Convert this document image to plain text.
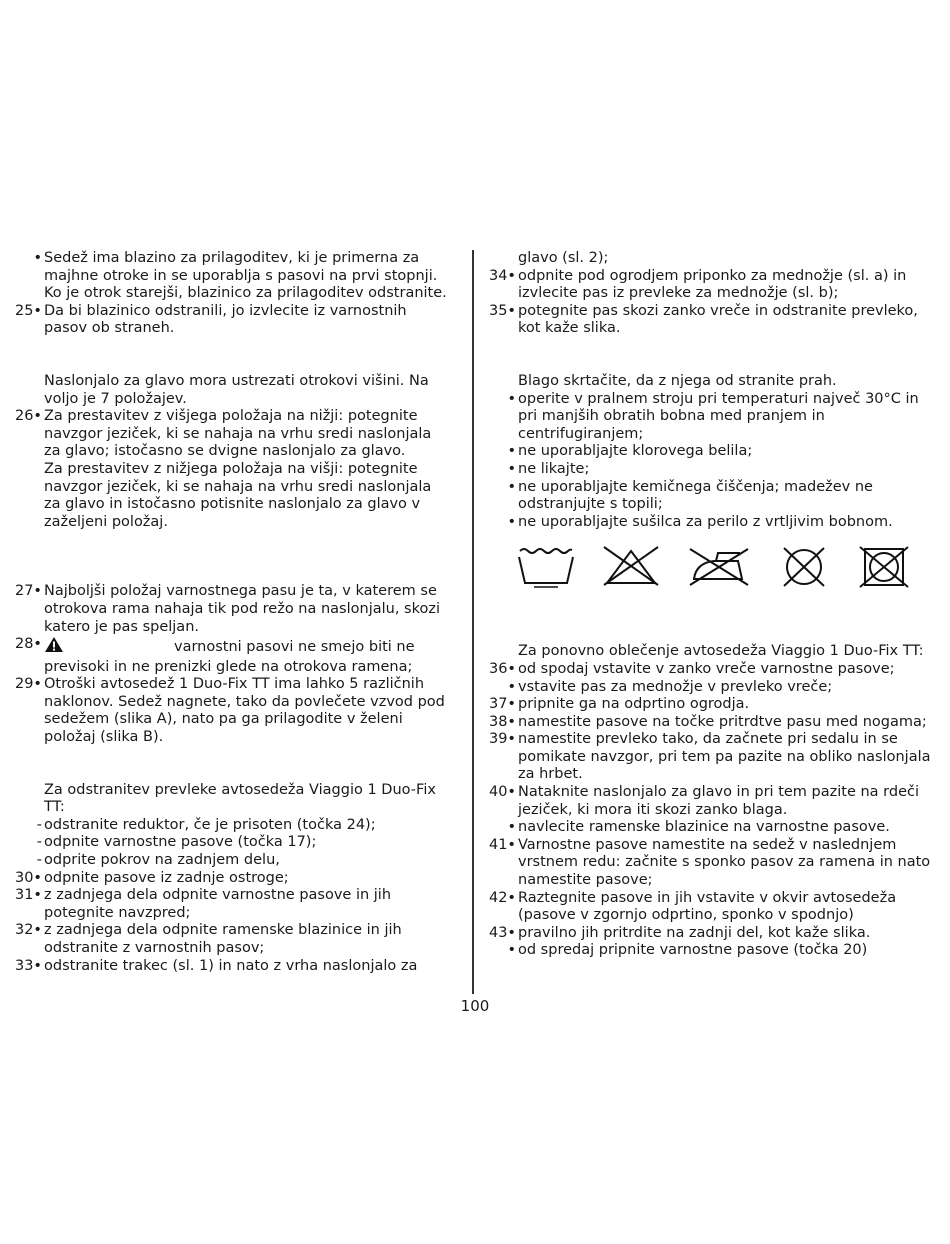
• Sedež ima blazino za prilagoditev, ki je primerna za majhne otroke in se uporablja s pasovi na prvi stopnji. Ko je otrok starejši, blazinico za prilagoditev odstranite.
25• Da bi blazinico odstranili, jo izvlecite iz varnostnih pasov ob straneh.
Naslonjalo za glavo mora ustrezati otrokovi višini. Na voljo je 7 položajev.
26• Za prestavitev z višjega položaja na nižji: potegnite navzgor jeziček, ki se nahaja na vrhu sredi naslonjala za glavo; istočasno se dvigne naslonjalo za glavo.
Za prestavitev z nižjega položaja na višji: potegnite navzgor jeziček, ki se nahaja na vrhu sredi naslonjala za glavo in istočasno potisnite naslonjalo za glavo v zaželjeni položaj.
27• Najboljši položaj varnostnega pasu je ta, v katerem se otrokova rama nahaja tik pod režo na naslonjalu, skozi katero je pas speljan.
28•	varnostni pasovi ne smejo biti ne previsoki in ne prenizki glede na otrokova ramena;
29• Otroški avtosedež 1 Duo-Fix TT ima lahko 5 različnih naklonov. Sedež nagnete, tako da povlečete vzvod pod sedežem (slika A), nato pa ga prilagodite v želeni položaj (slika B).
Za odstranitev prevleke avtosedeža Viaggio 1 Duo-Fix TT:
- odstranite reduktor, če je prisoten (točka 24);
- odpnite varnostne pasove (točka 17);
- odprite pokrov na zadnjem delu,
30• odpnite pasove iz zadnje ostroge;
31• z zadnjega dela odpnite varnostne pasove in jih potegnite navzpred;
32• z zadnjega dela odpnite ramenske blazinice in jih odstranite z varnostnih pasov;
33• odstranite trakec (sl. 1) in nato z vrha naslonjalo za
glavo (sl. 2);
34• odpnite pod ogrodjem priponko za mednožje (sl. a) in izvlecite pas iz prevleke za mednožje (sl. b);
35• potegnite pas skozi zanko vreče in odstranite prevleko, kot kaže slika.
Blago skrtačite, da z njega od stranite prah.
• operite v pralnem stroju pri temperaturi največ 30°C in pri manjših obratih bobna med pranjem in centrifugiranjem;
• ne uporabljajte klorovega belila;
• ne likajte;
• ne uporabljajte kemičnega čiščenja; madežev ne odstranjujte s topili;
• ne uporabljajte sušilca za perilo z vrtljivim bobnom.
Za ponovno oblečenje avtosedeža Viaggio 1 Duo-Fix TT:
36• od spodaj vstavite v zanko vreče varnostne pasove;
• vstavite pas za mednožje v prevleko vreče;
37• pripnite ga na odprtino ogrodja.
38• namestite pasove na točke pritrdtve pasu med nogama;
39• namestite prevleko tako, da začnete pri sedalu in se pomikate navzgor, pri tem pa pazite na obliko naslonjala za hrbet.
40• Nataknite naslonjalo za glavo in pri tem pazite na rdeči jeziček, ki mora iti skozi zanko blaga.
• navlecite ramenske blazinice na varnostne pasove.
41• Varnostne pasove namestite na sedež v naslednjem vrstnem redu: začnite s sponko pasov za ramena in nato namestite pasove;
42• Raztegnite pasove in jih vstavite v okvir avtosedeža (pasove v zgornjo odprtino, sponko v spodnjo)
43• pravilno jih pritrdite na zadnji del, kot kaže slika.
• od spredaj pripnite varnostne pasove (točka 20)
100
